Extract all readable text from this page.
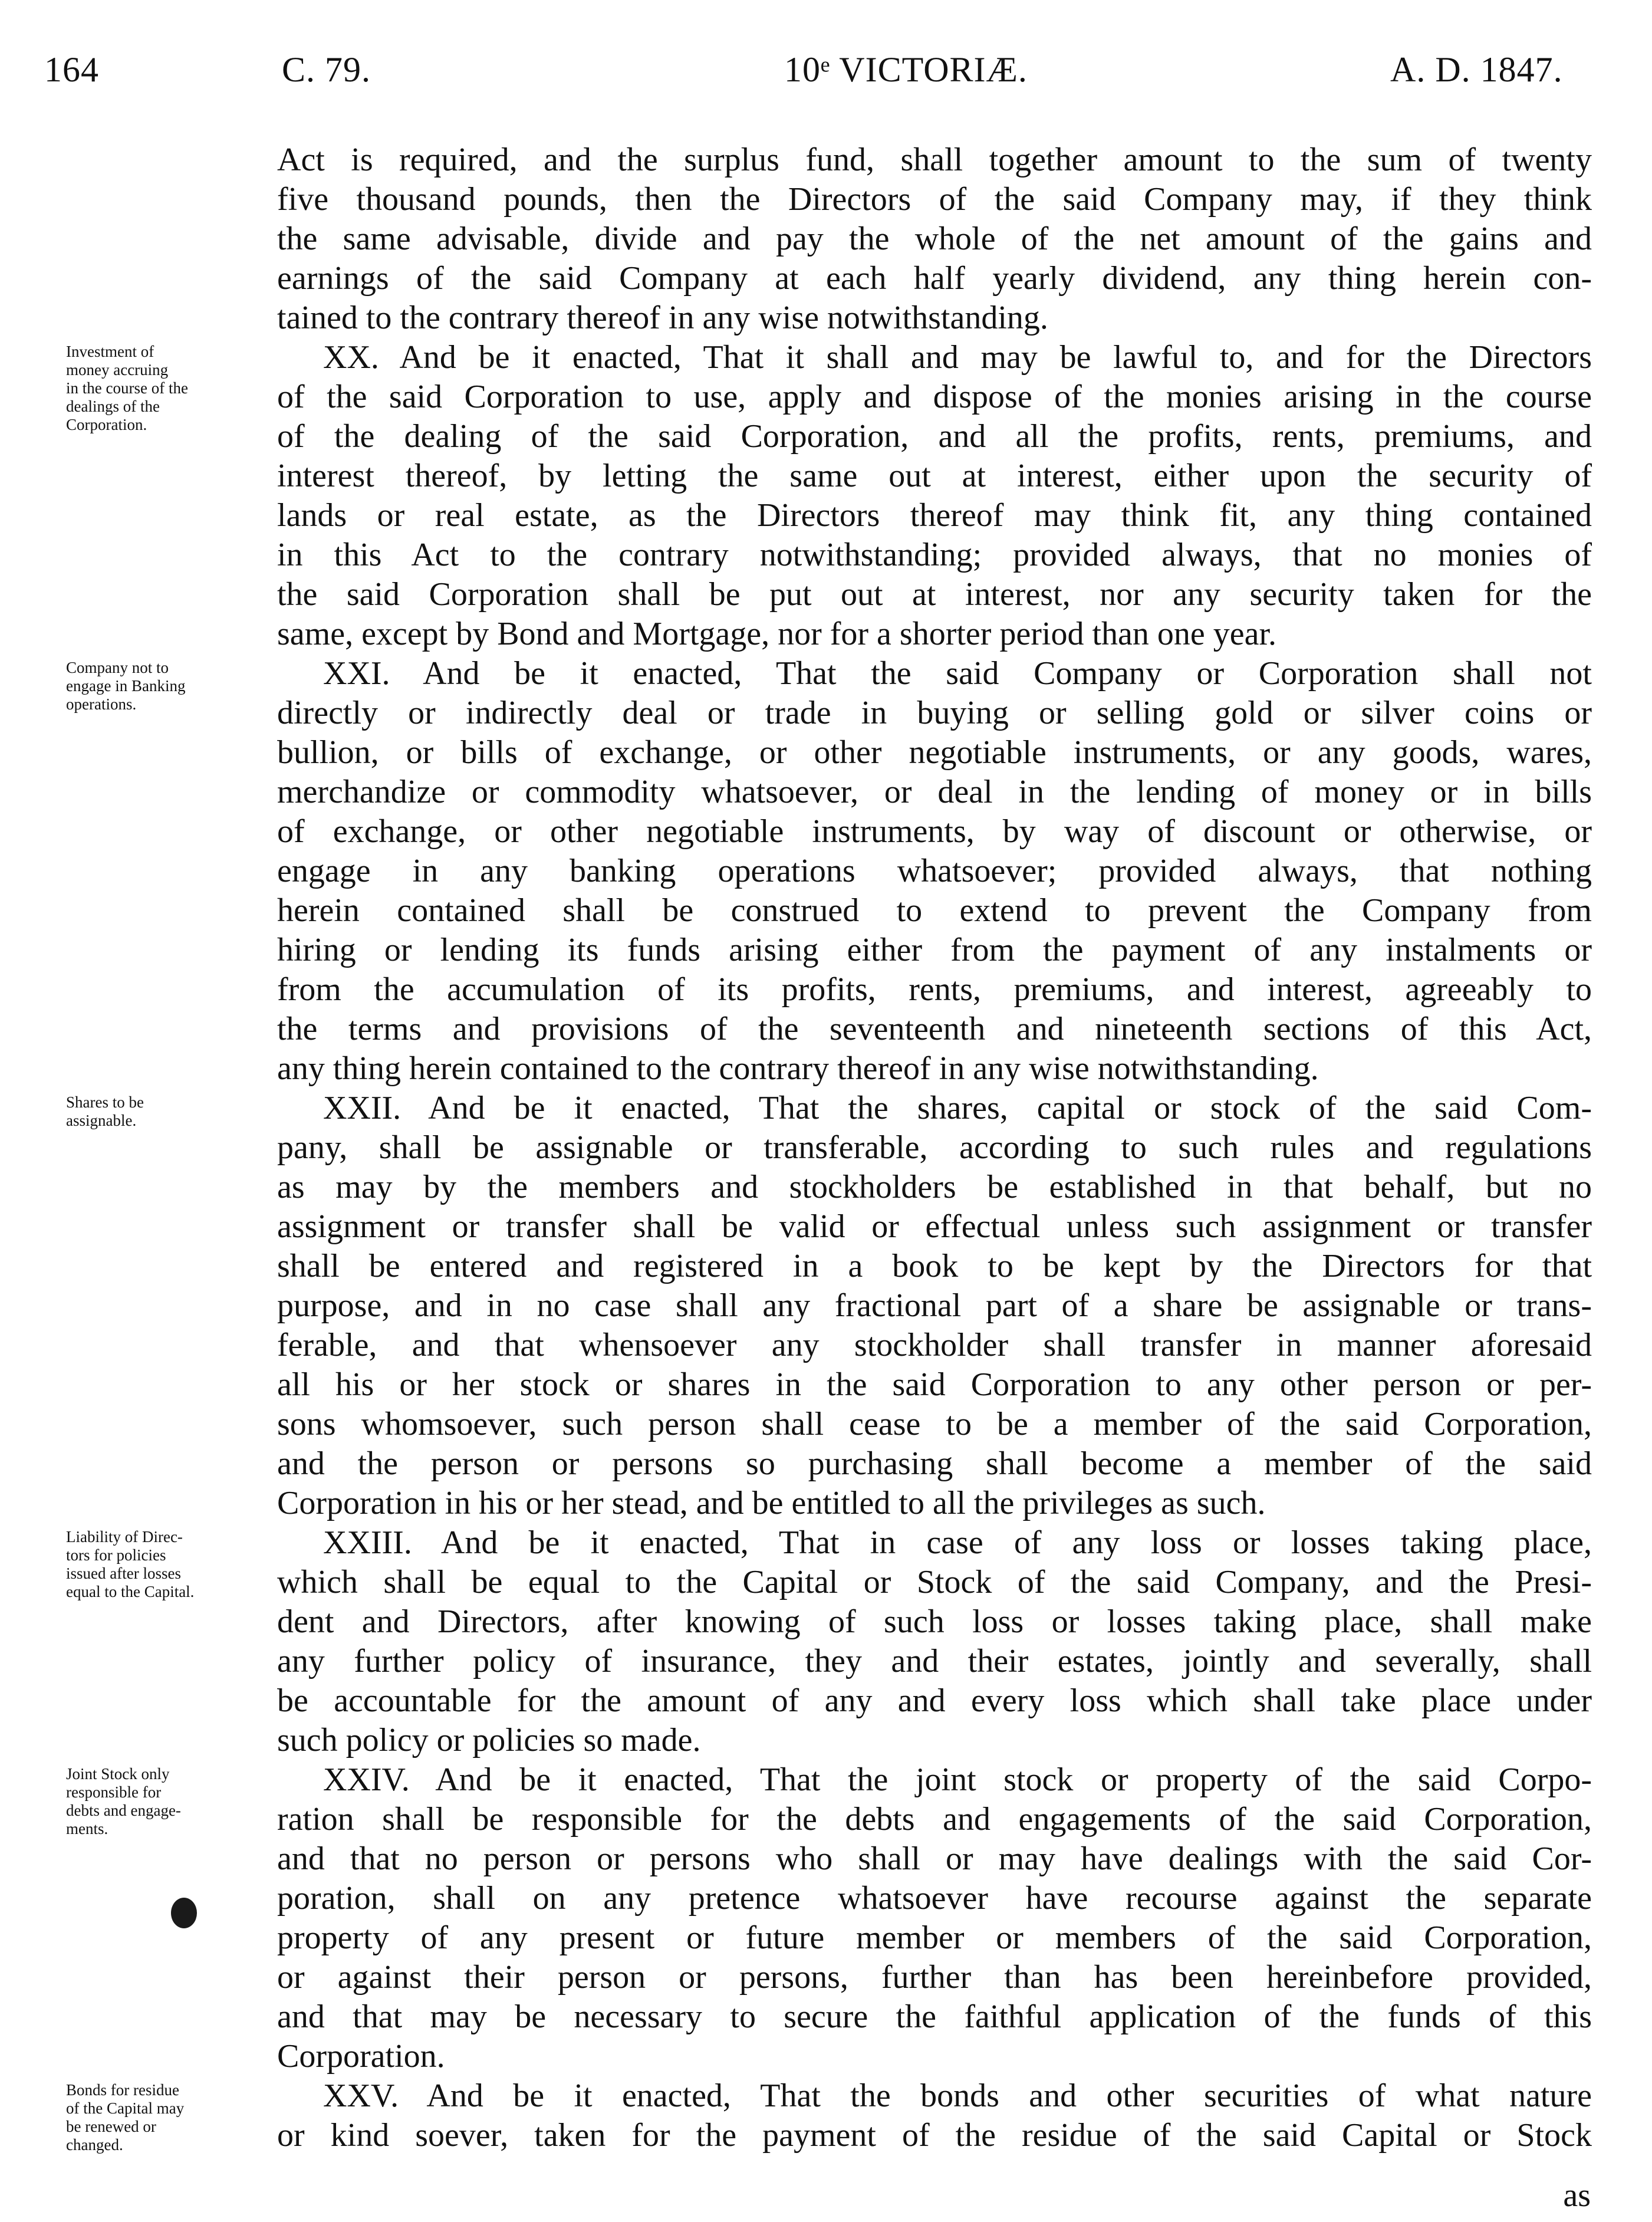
164	C. 79.	10ᵉ VICTORIÆ.	A. D. 1847.
Act is required, and the surplus fund, shall together amount to the sum of twenty
five thousand pounds, then the Directors of the said Company may, if they think
the same advisable, divide and pay the whole of the net amount of the gains and
earnings of the said Company at each half yearly dividend, any thing herein con-
tained to the contrary thereof in any wise notwithstanding.
XX. And be it enacted, That it shall and may be lawful to, and for the Directors
of the said Corporation to use, apply and dispose of the monies arising in the course
of the dealing of the said Corporation, and all the profits, rents, premiums, and
interest thereof, by letting the same out at interest, either upon the security of
lands or real estate, as the Directors thereof may think fit, any thing contained
in this Act to the contrary notwithstanding; provided always, that no monies of
the said Corporation shall be put out at interest, nor any security taken for the
same, except by Bond and Mortgage, nor for a shorter period than one year.
XXI. And be it enacted, That the said Company or Corporation shall not
directly or indirectly deal or trade in buying or selling gold or silver coins or
bullion, or bills of exchange, or other negotiable instruments, or any goods, wares,
merchandize or commodity whatsoever, or deal in the lending of money or in bills
of exchange, or other negotiable instruments, by way of discount or otherwise, or
engage in any banking operations whatsoever; provided always, that nothing
herein contained shall be construed to extend to prevent the Company from
hiring or lending its funds arising either from the payment of any instalments or
from the accumulation of its profits, rents, premiums, and interest, agreeably to
the terms and provisions of the seventeenth and nineteenth sections of this Act,
any thing herein contained to the contrary thereof in any wise notwithstanding.
XXII. And be it enacted, That the shares, capital or stock of the said Com-
pany, shall be assignable or transferable, according to such rules and regulations
as may by the members and stockholders be established in that behalf, but no
assignment or transfer shall be valid or effectual unless such assignment or transfer
shall be entered and registered in a book to be kept by the Directors for that
purpose, and in no case shall any fractional part of a share be assignable or trans-
ferable, and that whensoever any stockholder shall transfer in manner aforesaid
all his or her stock or shares in the said Corporation to any other person or per-
sons whomsoever, such person shall cease to be a member of the said Corporation,
and the person or persons so purchasing shall become a member of the said
Corporation in his or her stead, and be entitled to all the privileges as such.
XXIII. And be it enacted, That in case of any loss or losses taking place,
which shall be equal to the Capital or Stock of the said Company, and the Presi-
dent and Directors, after knowing of such loss or losses taking place, shall make
any further policy of insurance, they and their estates, jointly and severally, shall
be accountable for the amount of any and every loss which shall take place under
such policy or policies so made.
XXIV. And be it enacted, That the joint stock or property of the said Corpo-
ration shall be responsible for the debts and engagements of the said Corporation,
and that no person or persons who shall or may have dealings with the said Cor-
poration, shall on any pretence whatsoever have recourse against the separate
property of any present or future member or members of the said Corporation,
or against their person or persons, further than has been hereinbefore provided,
and that may be necessary to secure the faithful application of the funds of this
Corporation.
XXV. And be it enacted, That the bonds and other securities of what nature
or kind soever, taken for the payment of the residue of the said Capital or Stock
Investment of
money accruing
in the course of the
dealings of the
Corporation.
Company not to
engage in Banking
operations.
Shares to be
assignable.
Liability of Direc-
tors for policies
issued after losses
equal to the Capital.
Joint Stock only
responsible for
debts and engage-
ments.
Bonds for residue
of the Capital may
be renewed or
changed.
as
